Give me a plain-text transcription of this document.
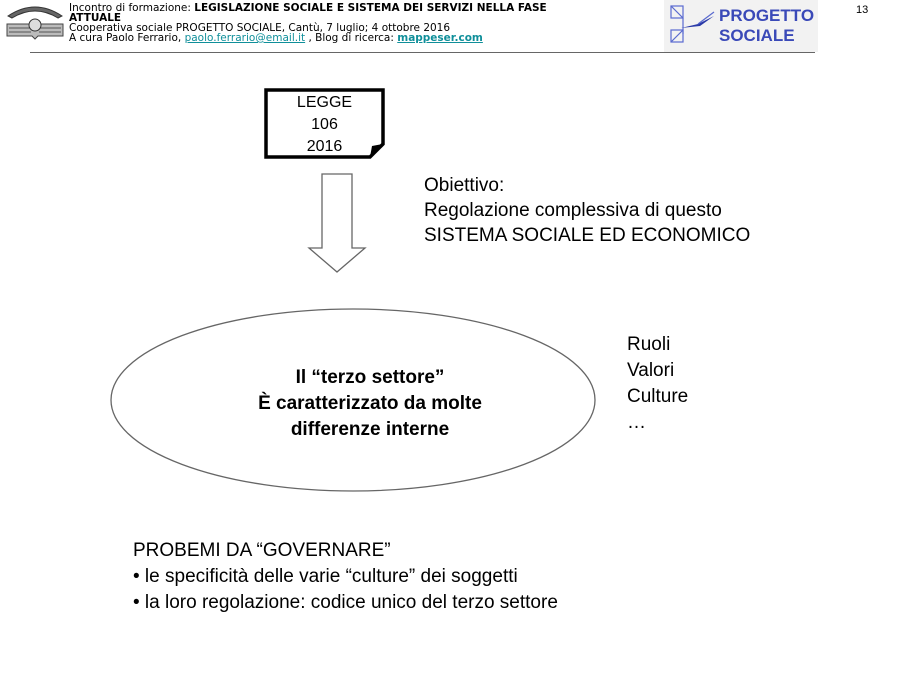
Incontro di formazione: LEGISLAZIONE SOCIALE E SISTEMA DEI SERVIZI NELLA FASE
ATTUALE
Cooperativa sociale PROGETTO SOCIALE, Cantù, 7 luglio; 4 ottobre 2016
A cura Paolo Ferrario, paolo.ferrario@email.it , Blog di ricerca: mappeser.com
PROGETTO
SOCIALE
13
LEGGE
106
2016
Obiettivo:
Regolazione complessiva di questo
SISTEMA SOCIALE ED ECONOMICO
Il “terzo settore”
È caratterizzato da molte
differenze interne
Ruoli
Valori
Culture
…
PROBEMI DA “GOVERNARE”
• le specificità delle varie “culture” dei soggetti
• la loro regolazione: codice unico del terzo settore
